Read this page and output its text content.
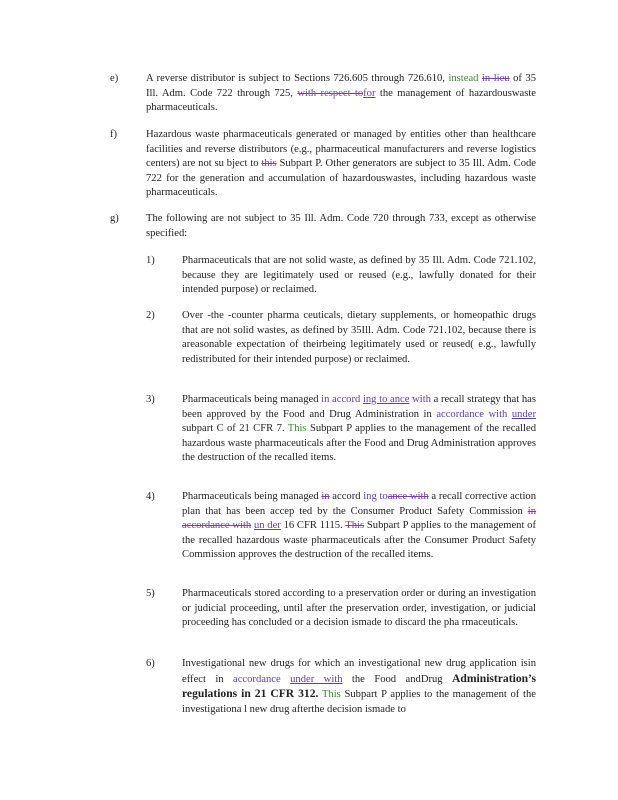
e)	A reverse distributor is subject to Sections 726.605 through 726.610, instead in lieu of 35 Ill. Adm. Code 722 through 725, with respect tofor the management of hazardouswaste pharmaceuticals.
f)	Hazardous waste pharmaceuticals generated or managed by entities other than healthcare facilities and reverse distributors (e.g., pharmaceutical manufacturers and reverse logistics centers) are not su bject to this Subpart P. Other generators are subject to 35 Ill. Adm. Code 722 for the generation and accumulation of hazardouswastes, including hazardous waste pharmaceuticals.
g)	The following are not subject to 35 Ill. Adm. Code 720 through 733, except as otherwise specified:
1)	Pharmaceuticals that are not solid waste, as defined by 35 Ill. Adm. Code 721.102, because they are legitimately used or reused (e.g., lawfully donated for their intended purpose) or reclaimed.
2)	Over -the -counter pharma ceuticals, dietary supplements, or homeopathic drugs that are not solid wastes, as defined by 35Ill. Adm. Code 721.102, because there is areasonable expectation of theirbeing legitimately used or reused( e.g., lawfully redistributed for their intended purpose) or reclaimed.
3)	Pharmaceuticals being managed in accord ing to ance with a recall strategy that has been approved by the Food and Drug Administration in accordance with under subpart C of 21 CFR 7. This Subpart P applies to the management of the recalled hazardous waste pharmaceuticals after the Food and Drug Administration approves the destruction of the recalled items.
4)	Pharmaceuticals being managed in accord ing toance with a recall corrective action plan that has been accep ted by the Consumer Product Safety Commission in accordance with un der 16 CFR 1115. This Subpart P applies to the management of the recalled hazardous waste pharmaceuticals after the Consumer Product Safety Commission approves the destruction of the recalled items.
5)	Pharmaceuticals stored according to a preservation order or during an investigation or judicial proceeding, until after the preservation order, investigation, or judicial proceeding has concluded or a decision ismade to discard the pha rmaceuticals.
6)	Investigational new drugs for which an investigational new drug application isin effect in accordance under with the Food andDrug Administration’s regulations in 21 CFR 312. This Subpart P applies to the management of the investigationa l new drug afterthe decision ismade to
